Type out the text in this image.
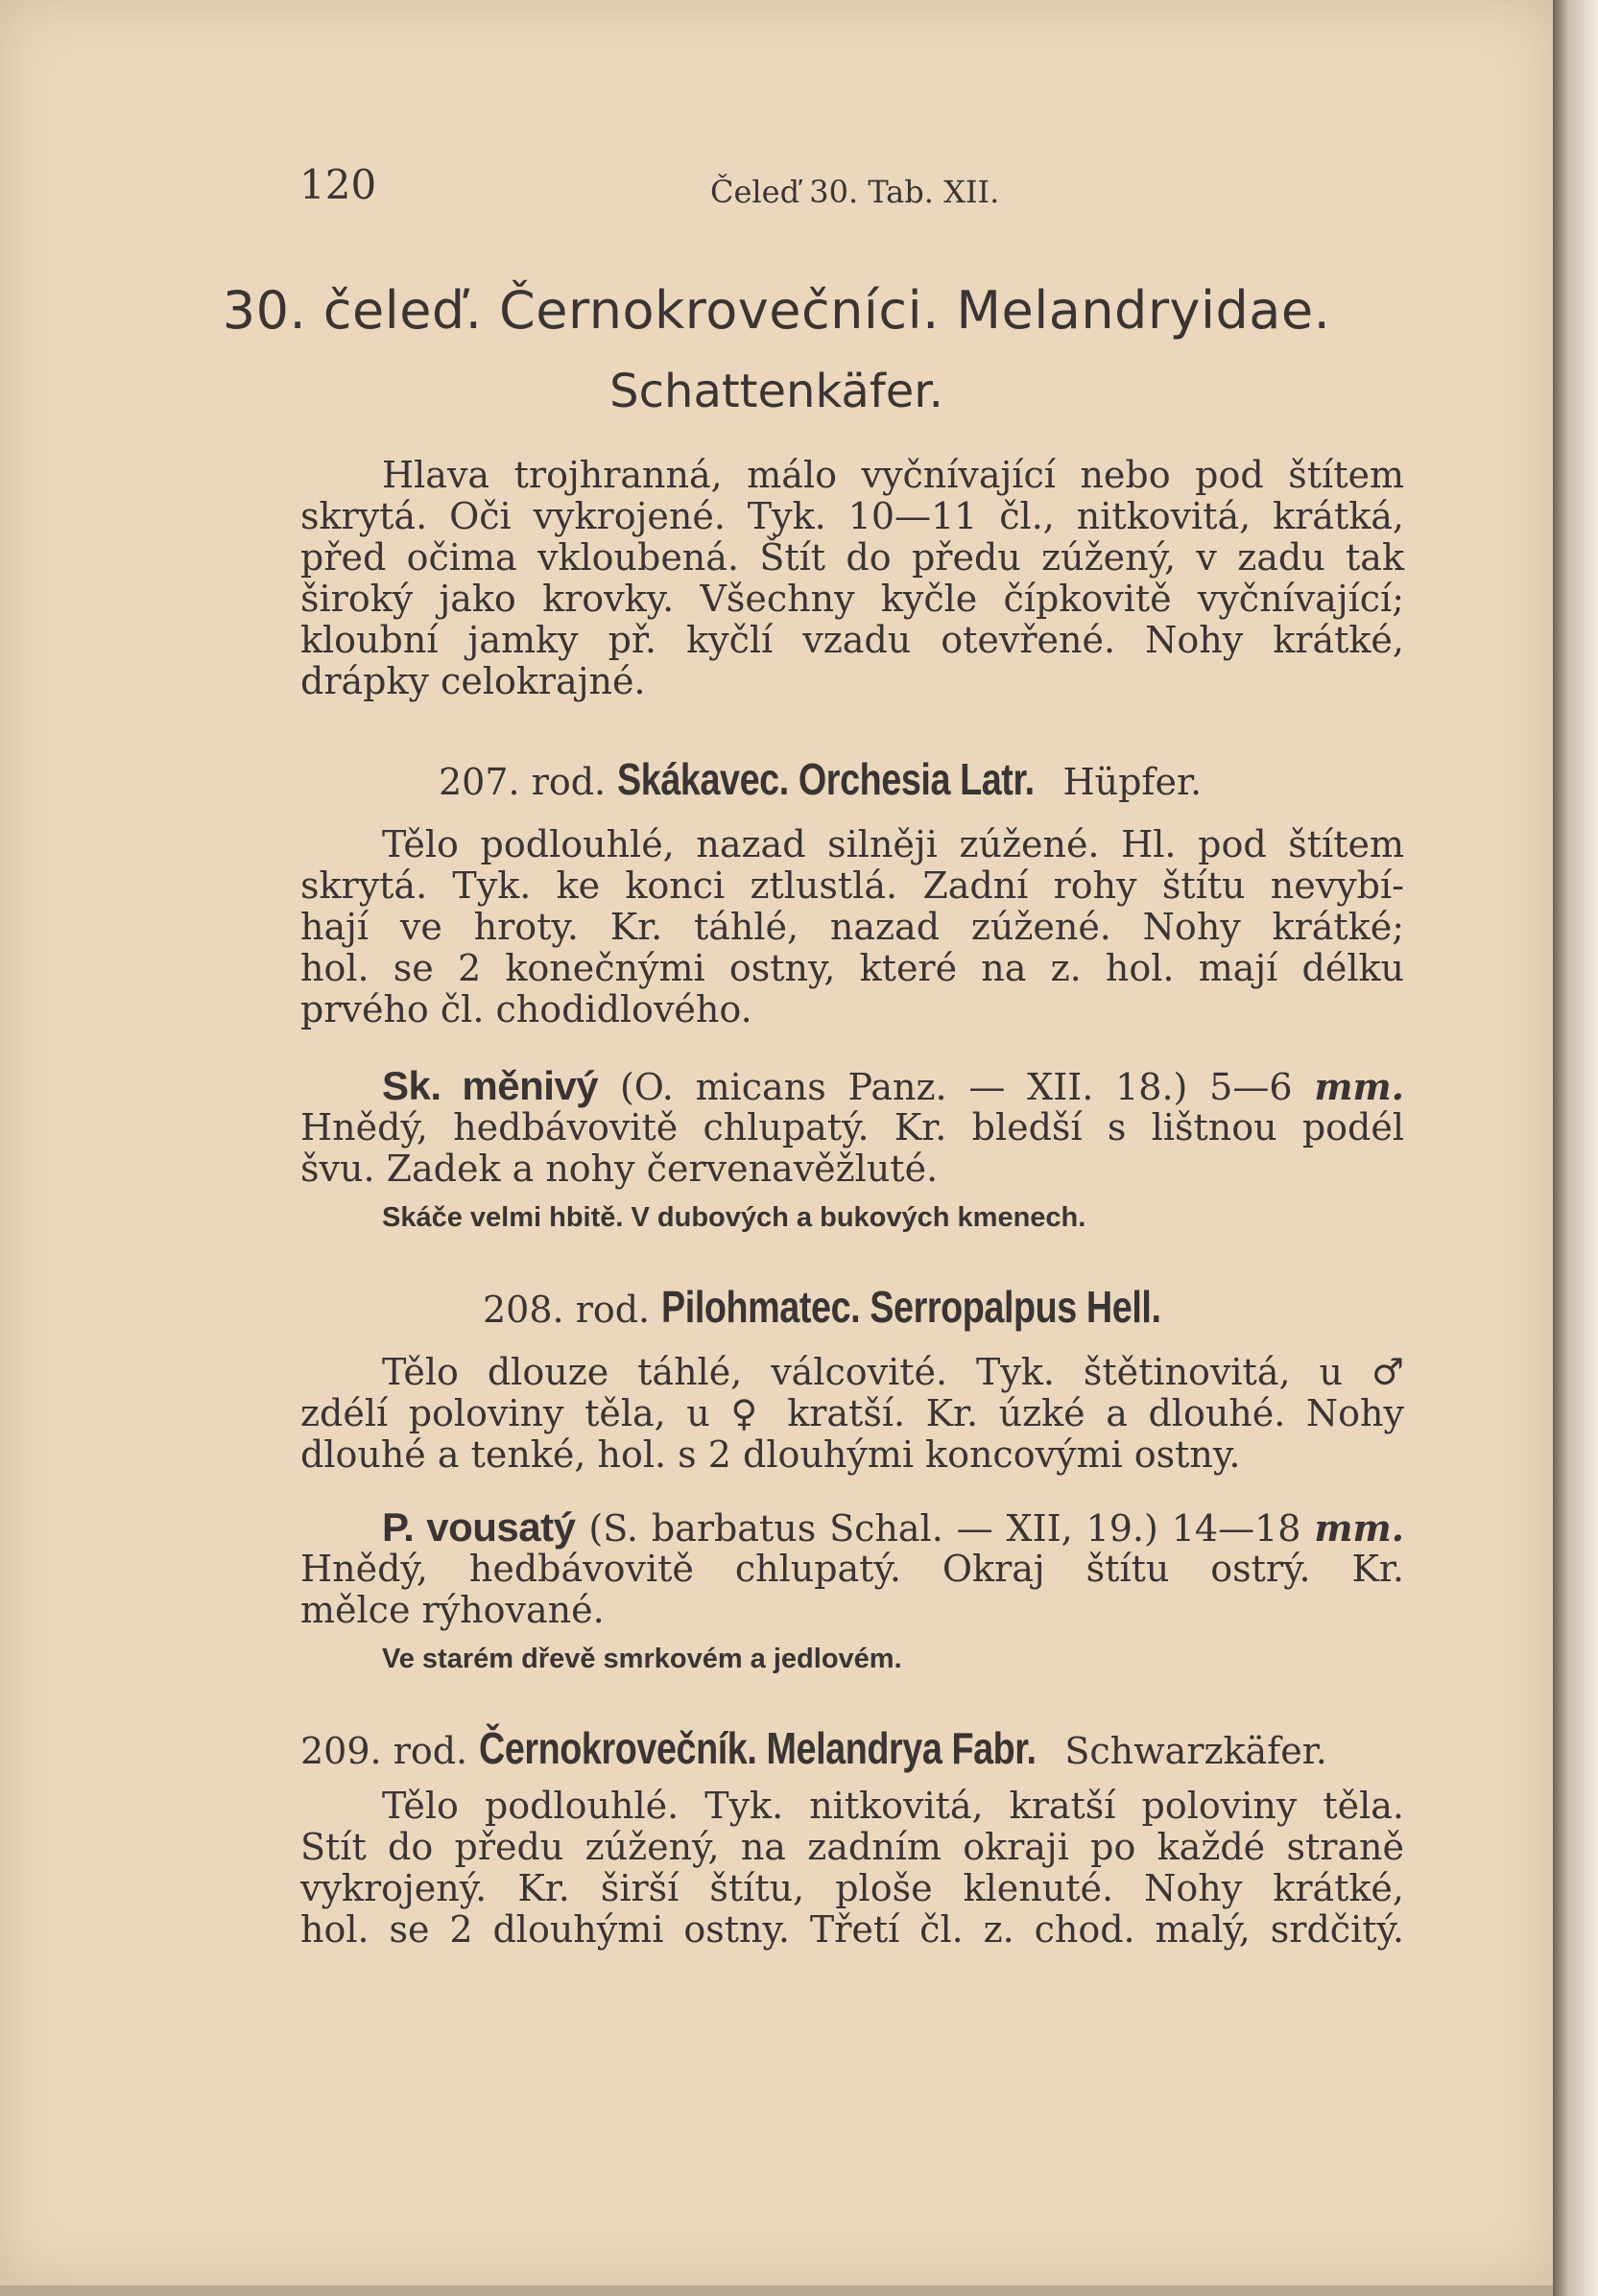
120	Čeleď 30. Tab. XII.
30. čeleď. Černokrovečníci. Melandryidae.
Schattenkäfer.
Hlava trojhranná, málo vyčnívající nebo pod štítem
skrytá. Oči vykrojené. Tyk. 10—11 čl., nitkovitá, krátká,
před očima vkloubená. Štít do předu zúžený, v zadu tak
široký jako krovky. Všechny kyčle čípkovitě vyčnívající;
kloubní jamky př. kyčlí vzadu otevřené. Nohy krátké,
drápky celokrajné.
207. rod. Skákavec. Orchesia Latr. Hüpfer.
Tělo podlouhlé, nazad silněji zúžené. Hl. pod štítem
skrytá. Tyk. ke konci ztlustlá. Zadní rohy štítu nevybí-
hají ve hroty. Kr. táhlé, nazad zúžené. Nohy krátké;
hol. se 2 konečnými ostny, které na z. hol. mají délku
prvého čl. chodidlového.
Sk. měnivý (O. micans Panz. — XII. 18.) 5—6 mm.
Hnědý, hedbávovitě chlupatý. Kr. bledší s lištnou podél
švu. Zadek a nohy červenavěžluté.
Skáče velmi hbitě. V dubových a bukových kmenech.
208. rod. Pilohmatec. Serropalpus Hell.
Tělo dlouze táhlé, válcovité. Tyk. štětinovitá, u ♂
zdélí poloviny těla, u ♀ kratší. Kr. úzké a dlouhé. Nohy
dlouhé a tenké, hol. s 2 dlouhými koncovými ostny.
P. vousatý (S. barbatus Schal. — XII, 19.) 14—18 mm.
Hnědý, hedbávovitě chlupatý. Okraj štítu ostrý. Kr.
mělce rýhované.
Ve starém dřevě smrkovém a jedlovém.
209. rod. Černokrovečník. Melandrya Fabr. Schwarzkäfer.
Tělo podlouhlé. Tyk. nitkovitá, kratší poloviny těla.
Stít do předu zúžený, na zadním okraji po každé straně
vykrojený. Kr. širší štítu, ploše klenuté. Nohy krátké,
hol. se 2 dlouhými ostny. Třetí čl. z. chod. malý, srdčitý.
